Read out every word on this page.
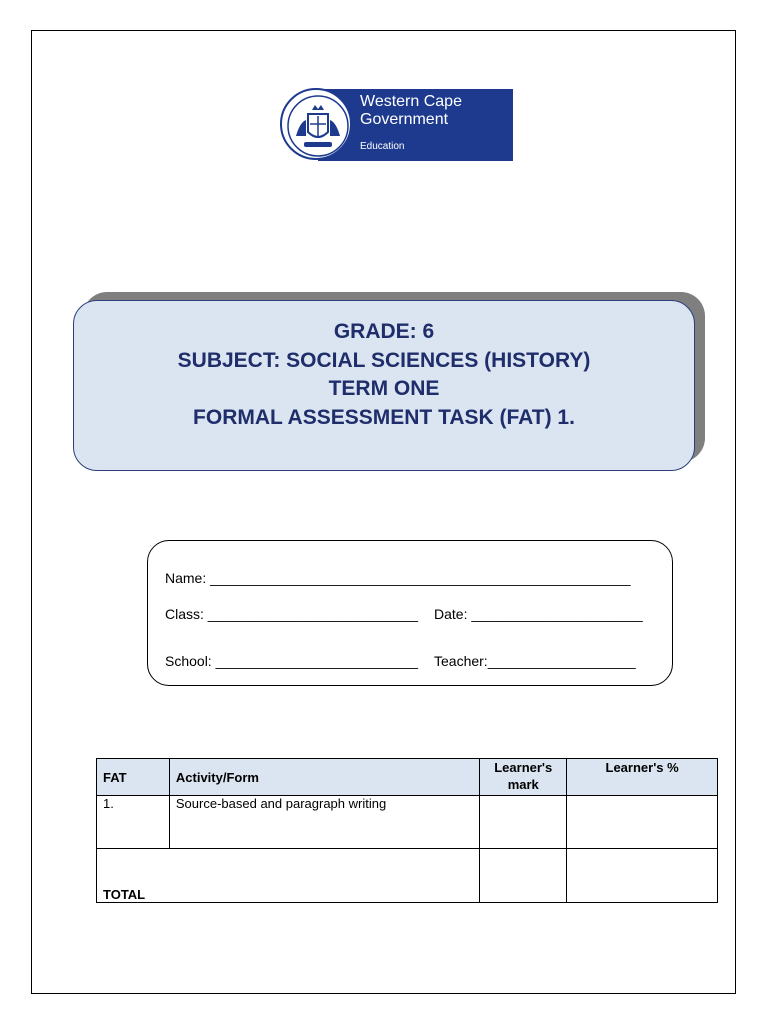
Western Cape
Government
Education
GRADE: 6
SUBJECT: SOCIAL SCIENCES (HISTORY)
TERM ONE
FORMAL ASSESSMENT TASK (FAT) 1.
Name: ______________________________________________________
Class: ___________________________ Date: ______________________
School: __________________________ Teacher:___________________
FAT	Activity/Form	Learner's mark	Learner's %
1.	Source-based and paragraph writing		
TOTAL			
